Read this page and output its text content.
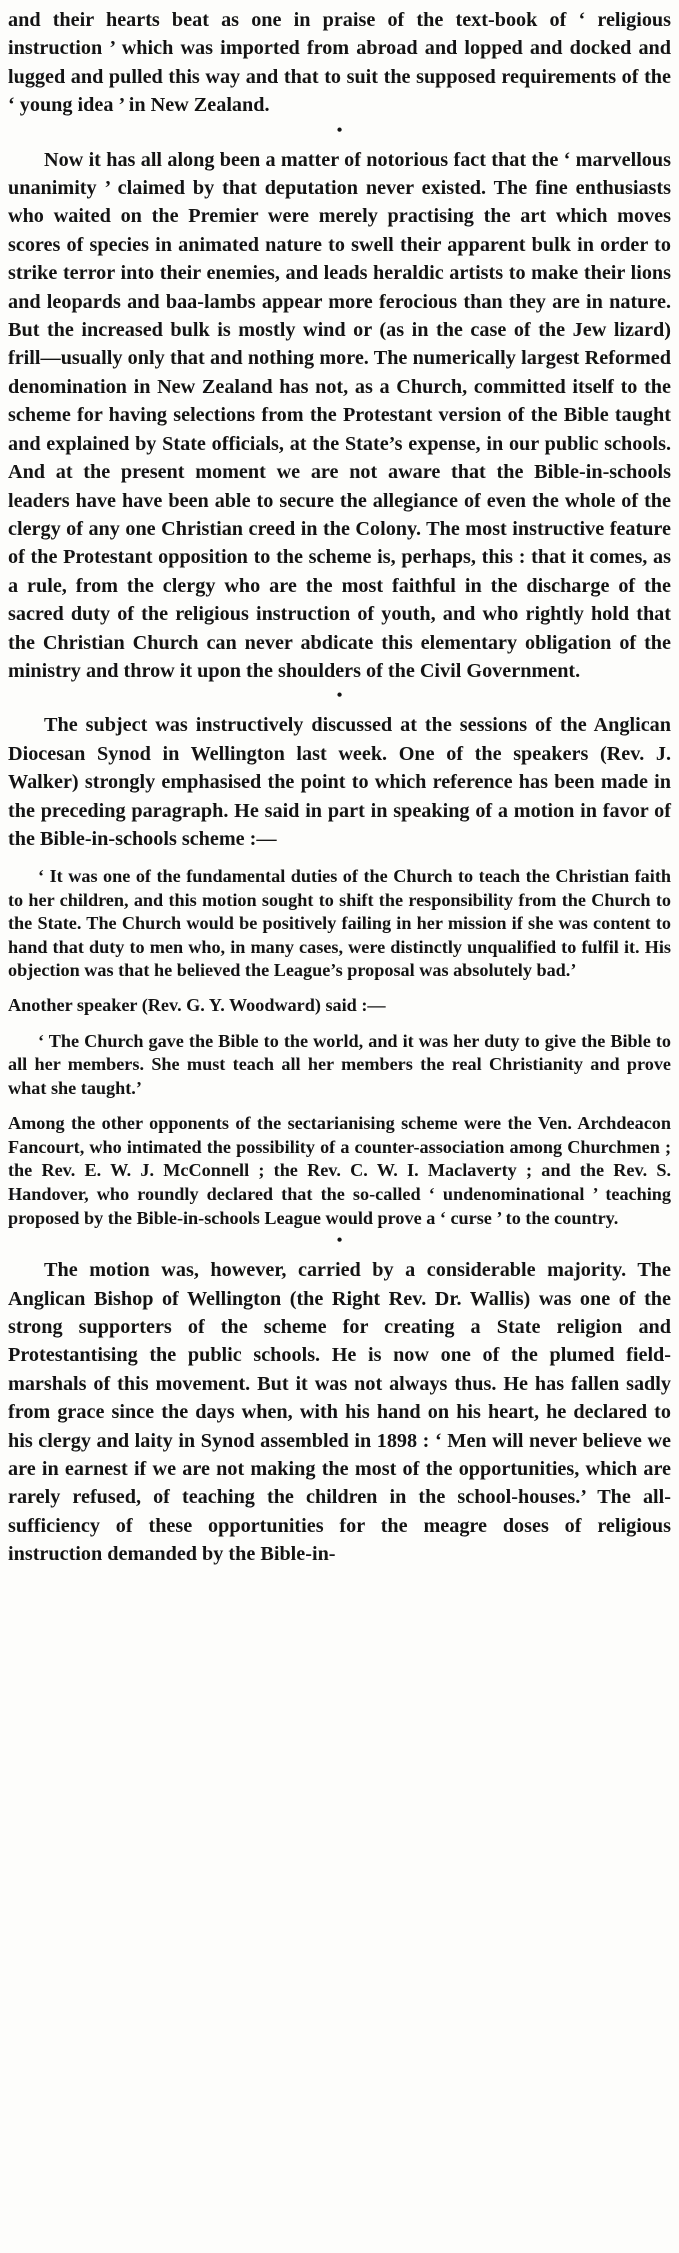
and their hearts beat as one in praise of the text-book of ‘ religious instruction ’ which was imported from abroad and lopped and docked and lugged and pulled this way and that to suit the supposed requirements of the ‘ young idea ’ in New Zealand.

•

Now it has all along been a matter of notorious fact that the ‘ marvellous unanimity ’ claimed by that deputation never existed. The fine enthusiasts who waited on the Premier were merely practising the art which moves scores of species in animated nature to swell their apparent bulk in order to strike terror into their enemies, and leads heraldic artists to make their lions and leopards and baa-lambs appear more ferocious than they are in nature. But the increased bulk is mostly wind or (as in the case of the Jew lizard) frill—usually only that and nothing more. The numerically largest Reformed denomination in New Zealand has not, as a Church, committed itself to the scheme for having selections from the Protestant version of the Bible taught and explained by State officials, at the State’s expense, in our public schools. And at the present moment we are not aware that the Bible-in-schools leaders have have been able to secure the allegiance of even the whole of the clergy of any one Christian creed in the Colony. The most instructive feature of the Protestant opposition to the scheme is, perhaps, this : that it comes, as a rule, from the clergy who are the most faithful in the discharge of the sacred duty of the religious instruction of youth, and who rightly hold that the Christian Church can never abdicate this elementary obligation of the ministry and throw it upon the shoulders of the Civil Government.

•

The subject was instructively discussed at the sessions of the Anglican Diocesan Synod in Wellington last week. One of the speakers (Rev. J. Walker) strongly emphasised the point to which reference has been made in the preceding paragraph. He said in part in speaking of a motion in favor of the Bible-in-schools scheme :—

‘ It was one of the fundamental duties of the Church to teach the Christian faith to her children, and this motion sought to shift the responsibility from the Church to the State. The Church would be positively failing in her mission if she was content to hand that duty to men who, in many cases, were distinctly unqualified to fulfil it. His objection was that he believed the League’s proposal was absolutely bad.’

Another speaker (Rev. G. Y. Woodward) said :—

‘ The Church gave the Bible to the world, and it was her duty to give the Bible to all her members. She must teach all her members the real Christianity and prove what she taught.’

Among the other opponents of the sectarianising scheme were the Ven. Archdeacon Fancourt, who intimated the possibility of a counter-association among Churchmen ; the Rev. E. W. J. McConnell ; the Rev. C. W. I. Maclaverty ; and the Rev. S. Handover, who roundly declared that the so-called ‘ undenominational ’ teaching proposed by the Bible-in-schools League would prove a ‘ curse ’ to the country.

•

The motion was, however, carried by a considerable majority. The Anglican Bishop of Wellington (the Right Rev. Dr. Wallis) was one of the strong supporters of the scheme for creating a State religion and Protestantising the public schools. He is now one of the plumed field-marshals of this movement. But it was not always thus. He has fallen sadly from grace since the days when, with his hand on his heart, he declared to his clergy and laity in Synod assembled in 1898 : ‘ Men will never believe we are in earnest if we are not making the most of the opportunities, which are rarely refused, of teaching the children in the school-houses.’ The all-sufficiency of these opportunities for the meagre doses of religious instruction demanded by the Bible-in-
